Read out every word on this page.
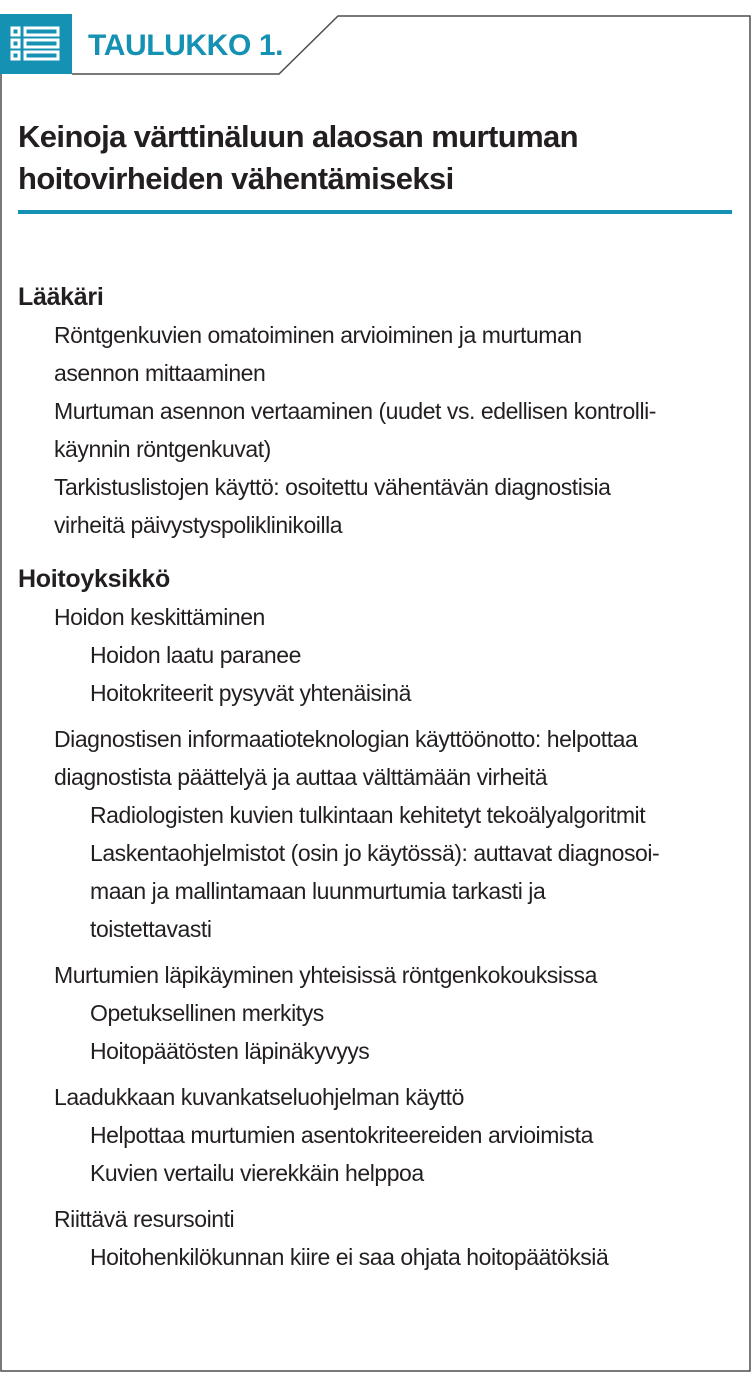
TAULUKKO 1.
Keinoja värttinäluun alaosan murtuman
hoitovirheiden vähentämiseksi

Lääkäri

Röntgenkuvien omatoiminen arvioiminen ja murtuman
asennon mittaaminen

Murtuman asennon vertaaminen (uudet vs. edellisen kontrolli-
käynnin röntgenkuvat)

Tarkistuslistojen käyttö: osoitettu vähentävän diagnostisia
virheitä päivystyspoliklinikoilla

Hoitoyksikkö

Hoidon keskittäminen

Hoidon laatu paranee

Hoitokriteerit pysyvät yhtenäisinä

Diagnostisen informaatioteknologian käyttöönotto: helpottaa
diagnostista päättelyä ja auttaa välttämään virheitä

Radiologisten kuvien tulkintaan kehitetyt tekoälyalgoritmit

Laskentaohjelmistot (osin jo käytössä): auttavat diagnosoi-
maan ja mallintamaan luunmurtumia tarkasti ja
toistettavasti

Murtumien läpikäyminen yhteisissä röntgenkokouksissa

Opetuksellinen merkitys

Hoitopäätösten läpinäkyvyys

Laadukkaan kuvankatseluohjelman käyttö

Helpottaa murtumien asentokriteereiden arvioimista

Kuvien vertailu vierekkäin helppoa

Riittävä resursointi

Hoitohenkilökunnan kiire ei saa ohjata hoitopäätöksiä
